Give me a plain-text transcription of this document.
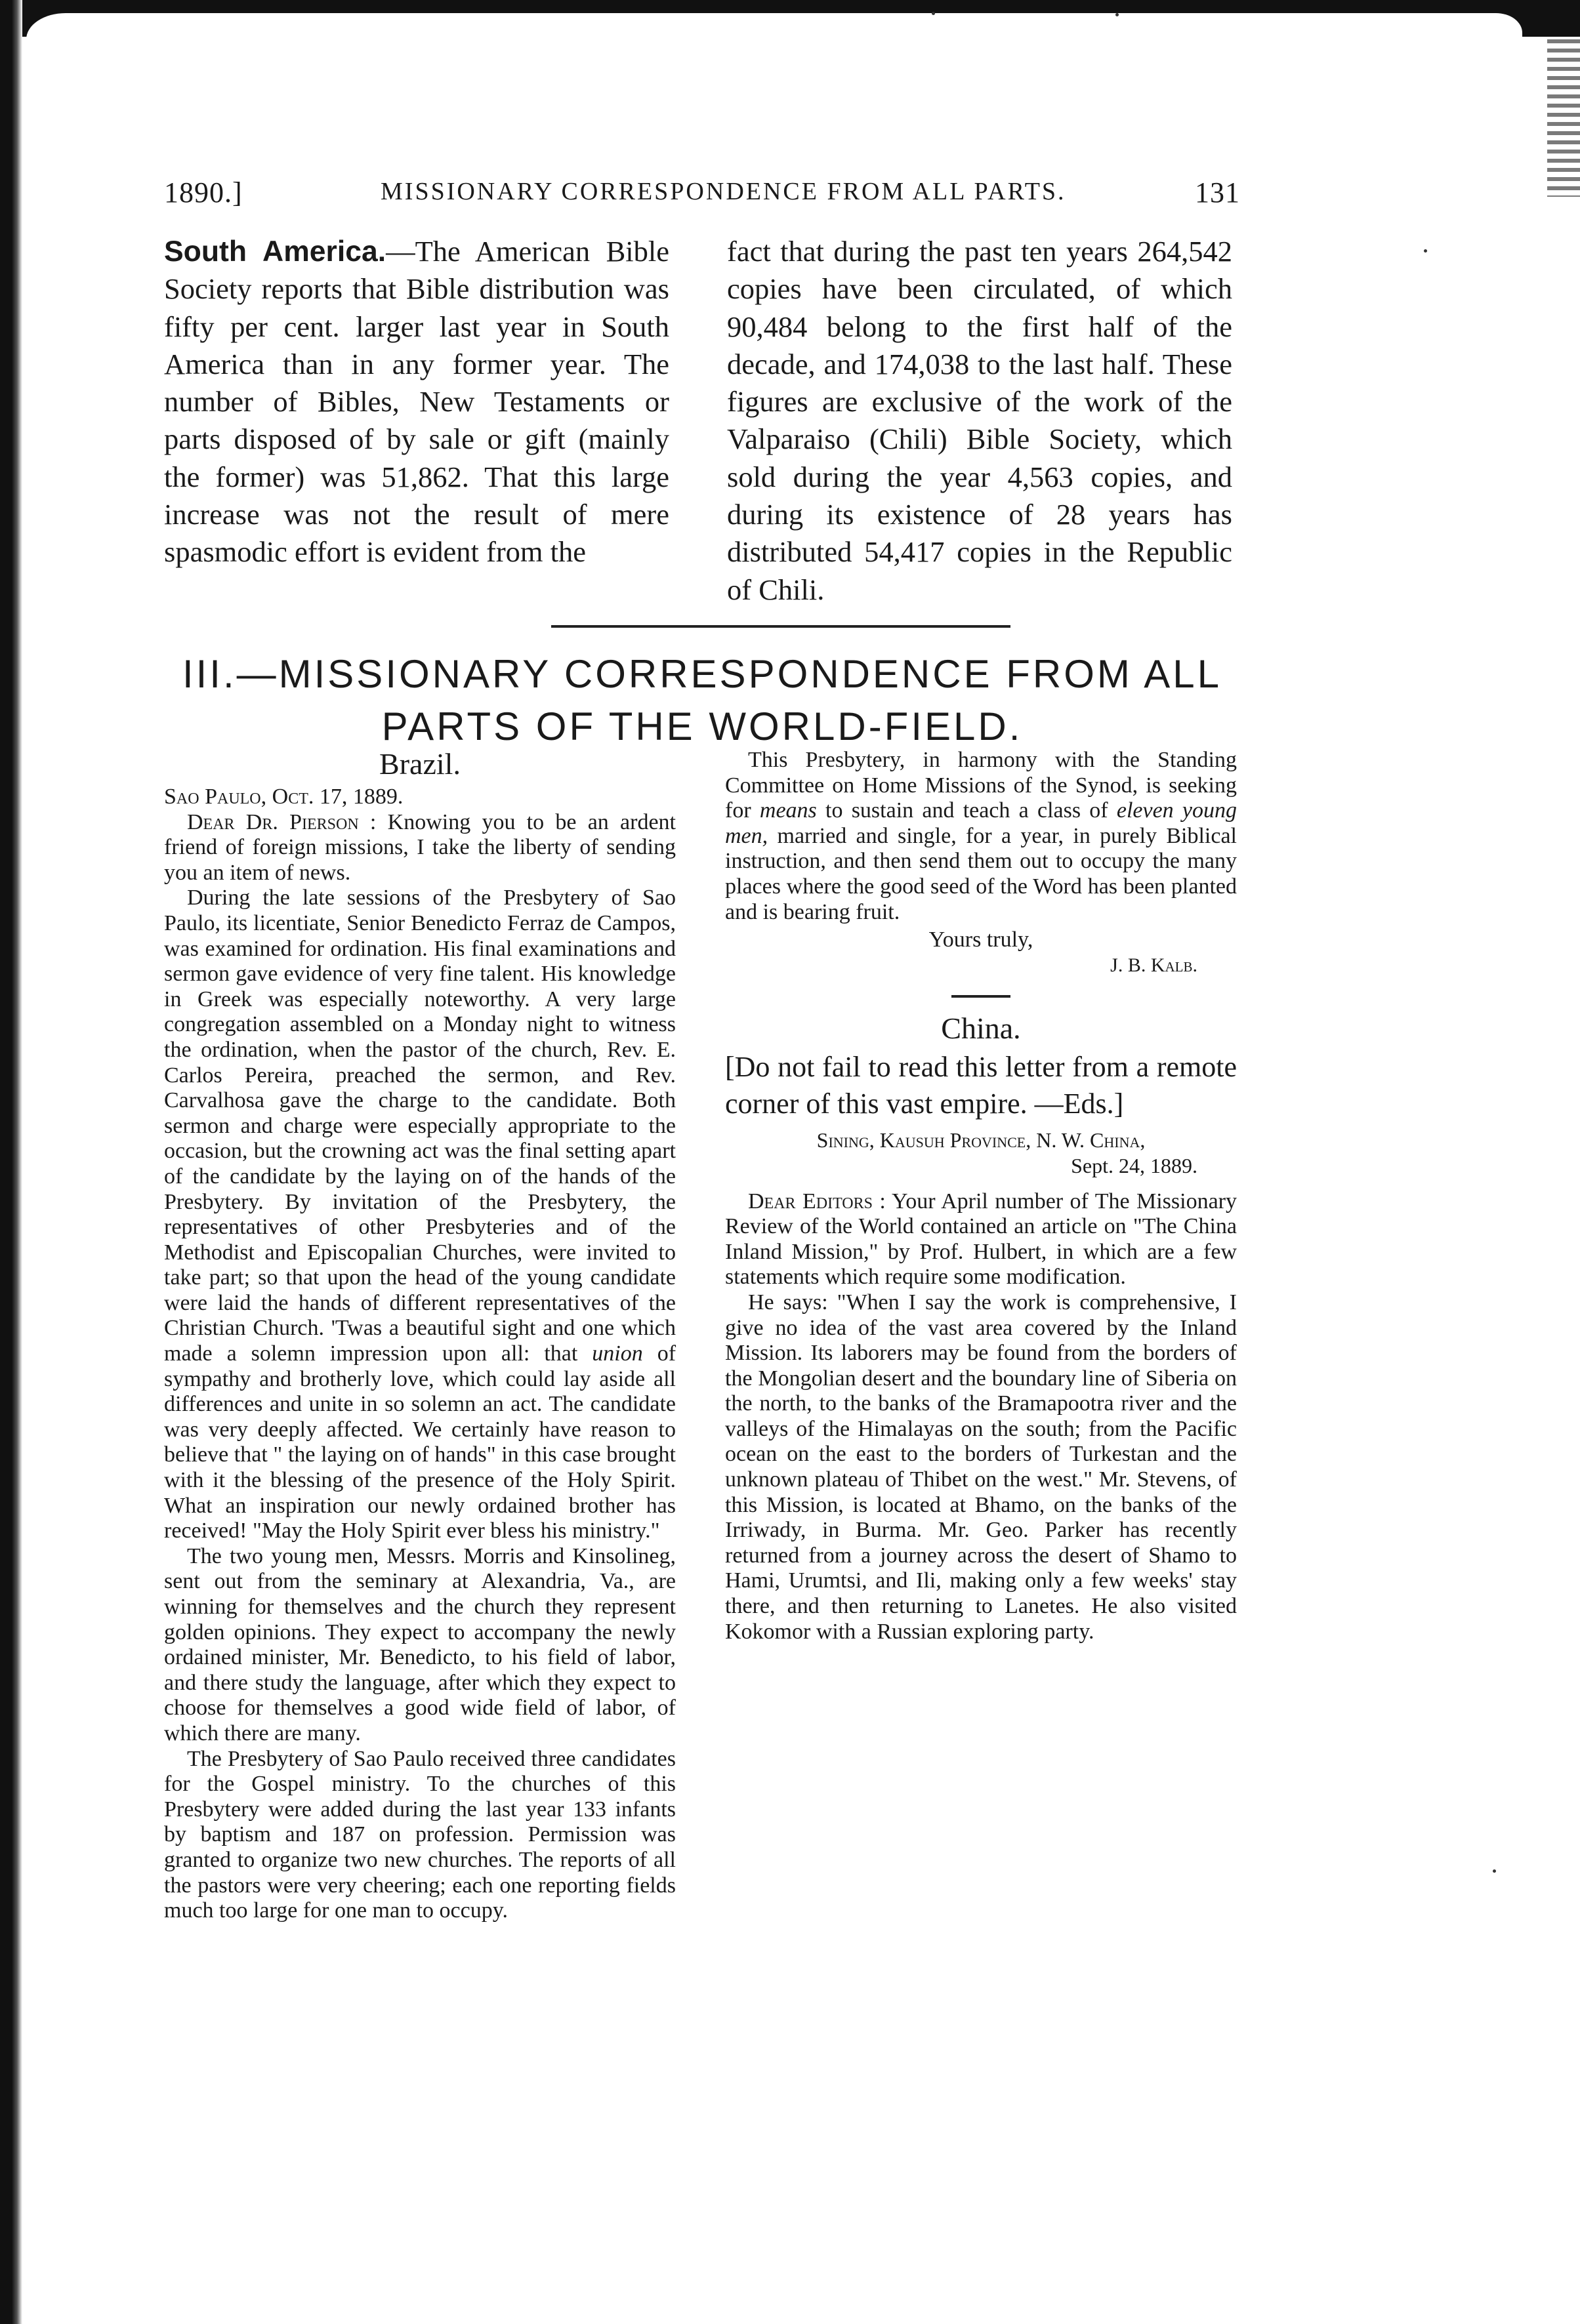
1890.]	MISSIONARY CORRESPONDENCE FROM ALL PARTS.	131
South America.—The American Bible Society reports that Bible distribution was fifty per cent. larger last year in South America than in any former year. The number of Bibles, New Testaments or parts disposed of by sale or gift (mainly the former) was 51,862. That this large increase was not the result of mere spasmodic effort is evident from the
fact that during the past ten years 264,542 copies have been circulated, of which 90,484 belong to the first half of the decade, and 174,038 to the last half. These figures are exclusive of the work of the Valparaiso (Chili) Bible Society, which sold during the year 4,563 copies, and during its existence of 28 years has distributed 54,417 copies in the Republic of Chili.
III.—MISSIONARY CORRESPONDENCE FROM ALL PARTS OF THE WORLD-FIELD.
Brazil.

Sao Paulo, Oct. 17, 1889.

Dear Dr. Pierson : Knowing you to be an ardent friend of foreign missions, I take the liberty of sending you an item of news.

During the late sessions of the Presbytery of Sao Paulo, its licentiate, Senior Benedicto Ferraz de Campos, was examined for ordination. His final examinations and sermon gave evidence of very fine talent. His knowledge in Greek was especially noteworthy. A very large congregation assembled on a Monday night to witness the ordination, when the pastor of the church, Rev. E. Carlos Pereira, preached the sermon, and Rev. Carvalhosa gave the charge to the candidate. Both sermon and charge were especially appropriate to the occasion, but the crowning act was the final setting apart of the candidate by the laying on of the hands of the Presbytery. By invitation of the Presbytery, the representatives of other Presbyteries and of the Methodist and Episcopalian Churches, were invited to take part; so that upon the head of the young candidate were laid the hands of different representatives of the Christian Church. 'Twas a beautiful sight and one which made a solemn impression upon all: that union of sympathy and brotherly love, which could lay aside all differences and unite in so solemn an act. The candidate was very deeply affected. We certainly have reason to believe that " the laying on of hands" in this case brought with it the blessing of the presence of the Holy Spirit. What an inspiration our newly ordained brother has received! "May the Holy Spirit ever bless his ministry."

The two young men, Messrs. Morris and Kinsolineg, sent out from the seminary at Alexandria, Va., are winning for themselves and the church they represent golden opinions. They expect to accompany the newly ordained minister, Mr. Benedicto, to his field of labor, and there study the language, after which they expect to choose for themselves a good wide field of labor, of which there are many.

The Presbytery of Sao Paulo received three candidates for the Gospel ministry. To the churches of this Presbytery were added during the last year 133 infants by baptism and 187 on profession. Permission was granted to organize two new churches. The reports of all the pastors were very cheering; each one reporting fields much too large for one man to occupy.

This Presbytery, in harmony with the Standing Committee on Home Missions of the Synod, is seeking for means to sustain and teach a class of eleven young men, married and single, for a year, in purely Biblical instruction, and then send them out to occupy the many places where the good seed of the Word has been planted and is bearing fruit.

Yours truly,
J. B. Kalb.
China.

[Do not fail to read this letter from a remote corner of this vast empire. —Eds.]

Sining, Kausuh Province, N. W. China,
Sept. 24, 1889.

Dear Editors : Your April number of The Missionary Review of the World contained an article on "The China Inland Mission," by Prof. Hulbert, in which are a few statements which require some modification.

He says: "When I say the work is comprehensive, I give no idea of the vast area covered by the Inland Mission. Its laborers may be found from the borders of the Mongolian desert and the boundary line of Siberia on the north, to the banks of the Bramapootra river and the valleys of the Himalayas on the south; from the Pacific ocean on the east to the borders of Turkestan and the unknown plateau of Thibet on the west." Mr. Stevens, of this Mission, is located at Bhamo, on the banks of the Irriwady, in Burma. Mr. Geo. Parker has recently returned from a journey across the desert of Shamo to Hami, Urumtsi, and Ili, making only a few weeks' stay there, and then returning to Lanetes. He also visited Kokomor with a Russian exploring party.
